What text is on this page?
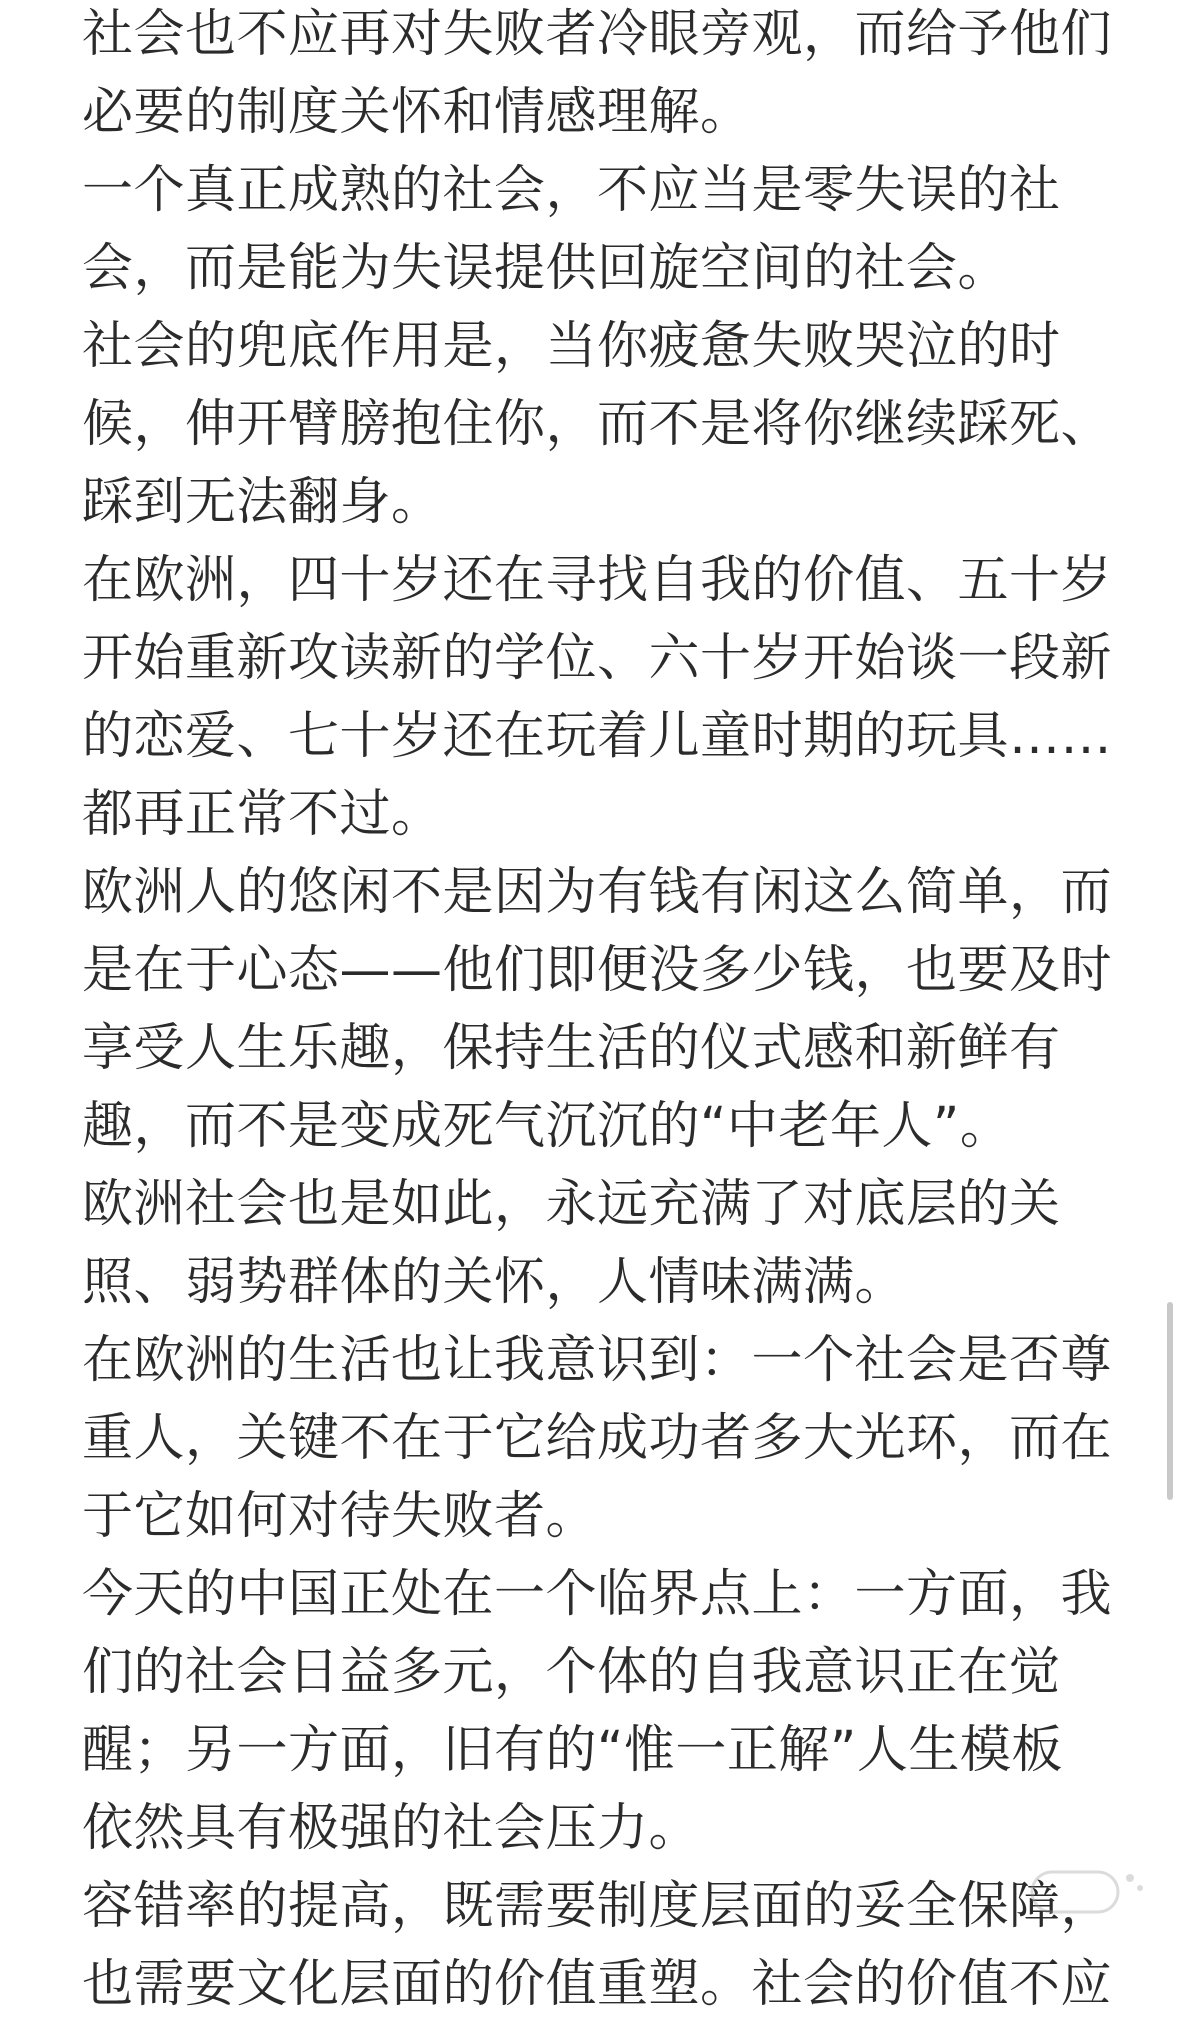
社会也不应再对失败者冷眼旁观，而给予他们
必要的制度关怀和情感理解。
一个真正成熟的社会，不应当是零失误的社
会，而是能为失误提供回旋空间的社会。
社会的兜底作用是，当你疲惫失败哭泣的时
候，伸开臂膀抱住你，而不是将你继续踩死、
踩到无法翻身。
在欧洲，四十岁还在寻找自我的价值、五十岁
开始重新攻读新的学位、六十岁开始谈一段新
的恋爱、七十岁还在玩着儿童时期的玩具……
都再正常不过。
欧洲人的悠闲不是因为有钱有闲这么简单，而
是在于心态——他们即便没多少钱，也要及时
享受人生乐趣，保持生活的仪式感和新鲜有
趣，而不是变成死气沉沉的“中老年人”。
欧洲社会也是如此，永远充满了对底层的关
照、弱势群体的关怀，人情味满满。
在欧洲的生活也让我意识到：一个社会是否尊
重人，关键不在于它给成功者多大光环，而在
于它如何对待失败者。
今天的中国正处在一个临界点上：一方面，我
们的社会日益多元，个体的自我意识正在觉
醒；另一方面，旧有的“惟一正解”人生模板
依然具有极强的社会压力。
容错率的提高，既需要制度层面的妥全保障，
也需要文化层面的价值重塑。社会的价值不应
